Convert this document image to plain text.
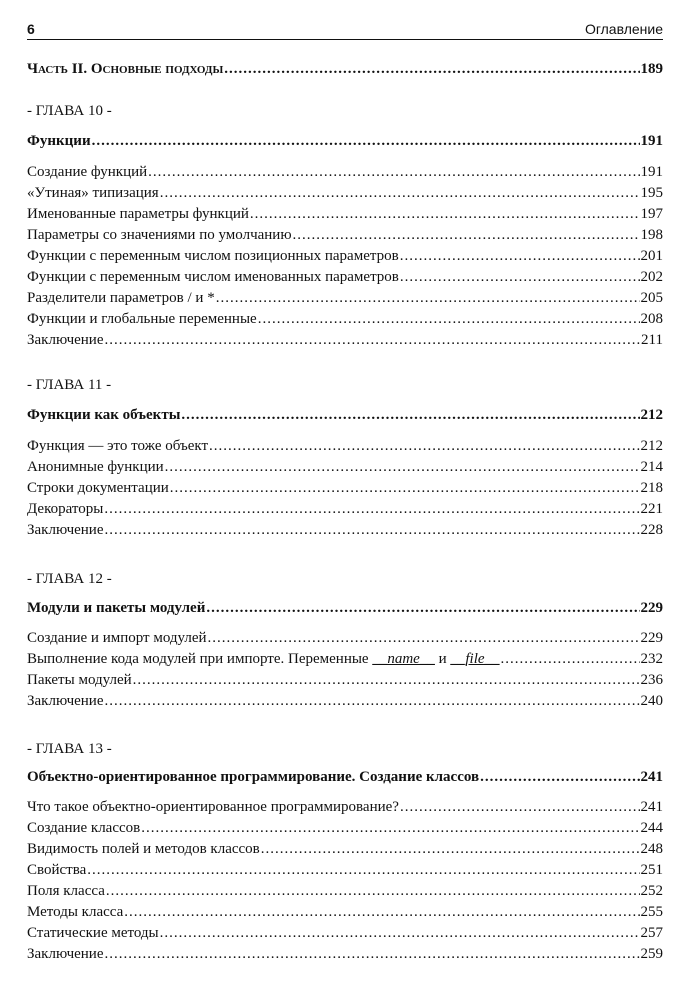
6	Оглавление
Часть II. Основные подходы .....	189
- ГЛАВА 10 -
Функции .....	191
Создание функций .....	191
«Утиная» типизация .....	195
Именованные параметры функций .....	197
Параметры со значениями по умолчанию .....	198
Функции с переменным числом позиционных параметров .....	201
Функции с переменным числом именованных параметров .....	202
Разделители параметров / и * .....	205
Функции и глобальные переменные .....	208
Заключение .....	211
- ГЛАВА 11 -
Функции как объекты .....	212
Функция — это тоже объект .....	212
Анонимные функции .....	214
Строки документации .....	218
Декораторы .....	221
Заключение .....	228
- ГЛАВА 12 -
Модули и пакеты модулей .....	229
Создание и импорт модулей .....	229
Выполнение кода модулей при импорте. Переменные __name__ и __file__ .....	232
Пакеты модулей .....	236
Заключение .....	240
- ГЛАВА 13 -
Объектно-ориентированное программирование. Создание классов .....	241
Что такое объектно-ориентированное программирование? .....	241
Создание классов .....	244
Видимость полей и методов классов .....	248
Свойства .....	251
Поля класса .....	252
Методы класса .....	255
Статические методы .....	257
Заключение .....	259
